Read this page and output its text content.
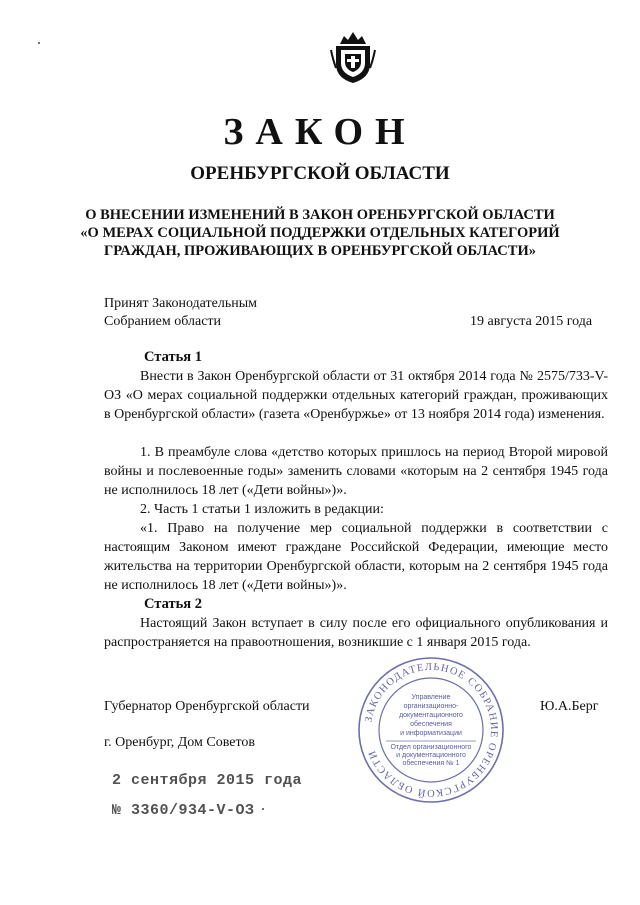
ЗАКОН
ОРЕНБУРГСКОЙ ОБЛАСТИ
О ВНЕСЕНИИ ИЗМЕНЕНИЙ В ЗАКОН ОРЕНБУРГСКОЙ ОБЛАСТИ
«О МЕРАХ СОЦИАЛЬНОЙ ПОДДЕРЖКИ ОТДЕЛЬНЫХ КАТЕГОРИЙ
ГРАЖДАН, ПРОЖИВАЮЩИХ В ОРЕНБУРГСКОЙ ОБЛАСТИ»
Принят Законодательным
Собранием области	19 августа 2015 года
Статья 1
Внести в Закон Оренбургской области от 31 октября 2014 года № 2575/733-V-ОЗ «О мерах социальной поддержки отдельных категорий граждан, проживающих в Оренбургской области» (газета «Оренбуржье» от 13 ноября 2014 года) изменения.
1. В преамбуле слова «детство которых пришлось на период Второй мировой войны и послевоенные годы» заменить словами «которым на 2 сентября 1945 года не исполнилось 18 лет («Дети войны»)».
2. Часть 1 статьи 1 изложить в редакции:
«1. Право на получение мер социальной поддержки в соответствии с настоящим Законом имеют граждане Российской Федерации, имеющие место жительства на территории Оренбургской области, которым на 2 сентября 1945 года не исполнилось 18 лет («Дети войны»)».
Статья 2
Настоящий Закон вступает в силу после его официального опубликования и распространяется на правоотношения, возникшие с 1 января 2015 года.
Губернатор Оренбургской области	Ю.А.Берг
г. Оренбург, Дом Советов
2 сентября 2015 года
№ 3360/934-V-ОЗ
ЗАКОНОДАТЕЛЬНОЕ СОБРАНИЕ ОРЕНБУРГСКОЙ ОБЛАСТИ
Управление
организационно-
документационного
обеспечения
и информатизации
Отдел организационного
и документационного
обеспечения № 1
